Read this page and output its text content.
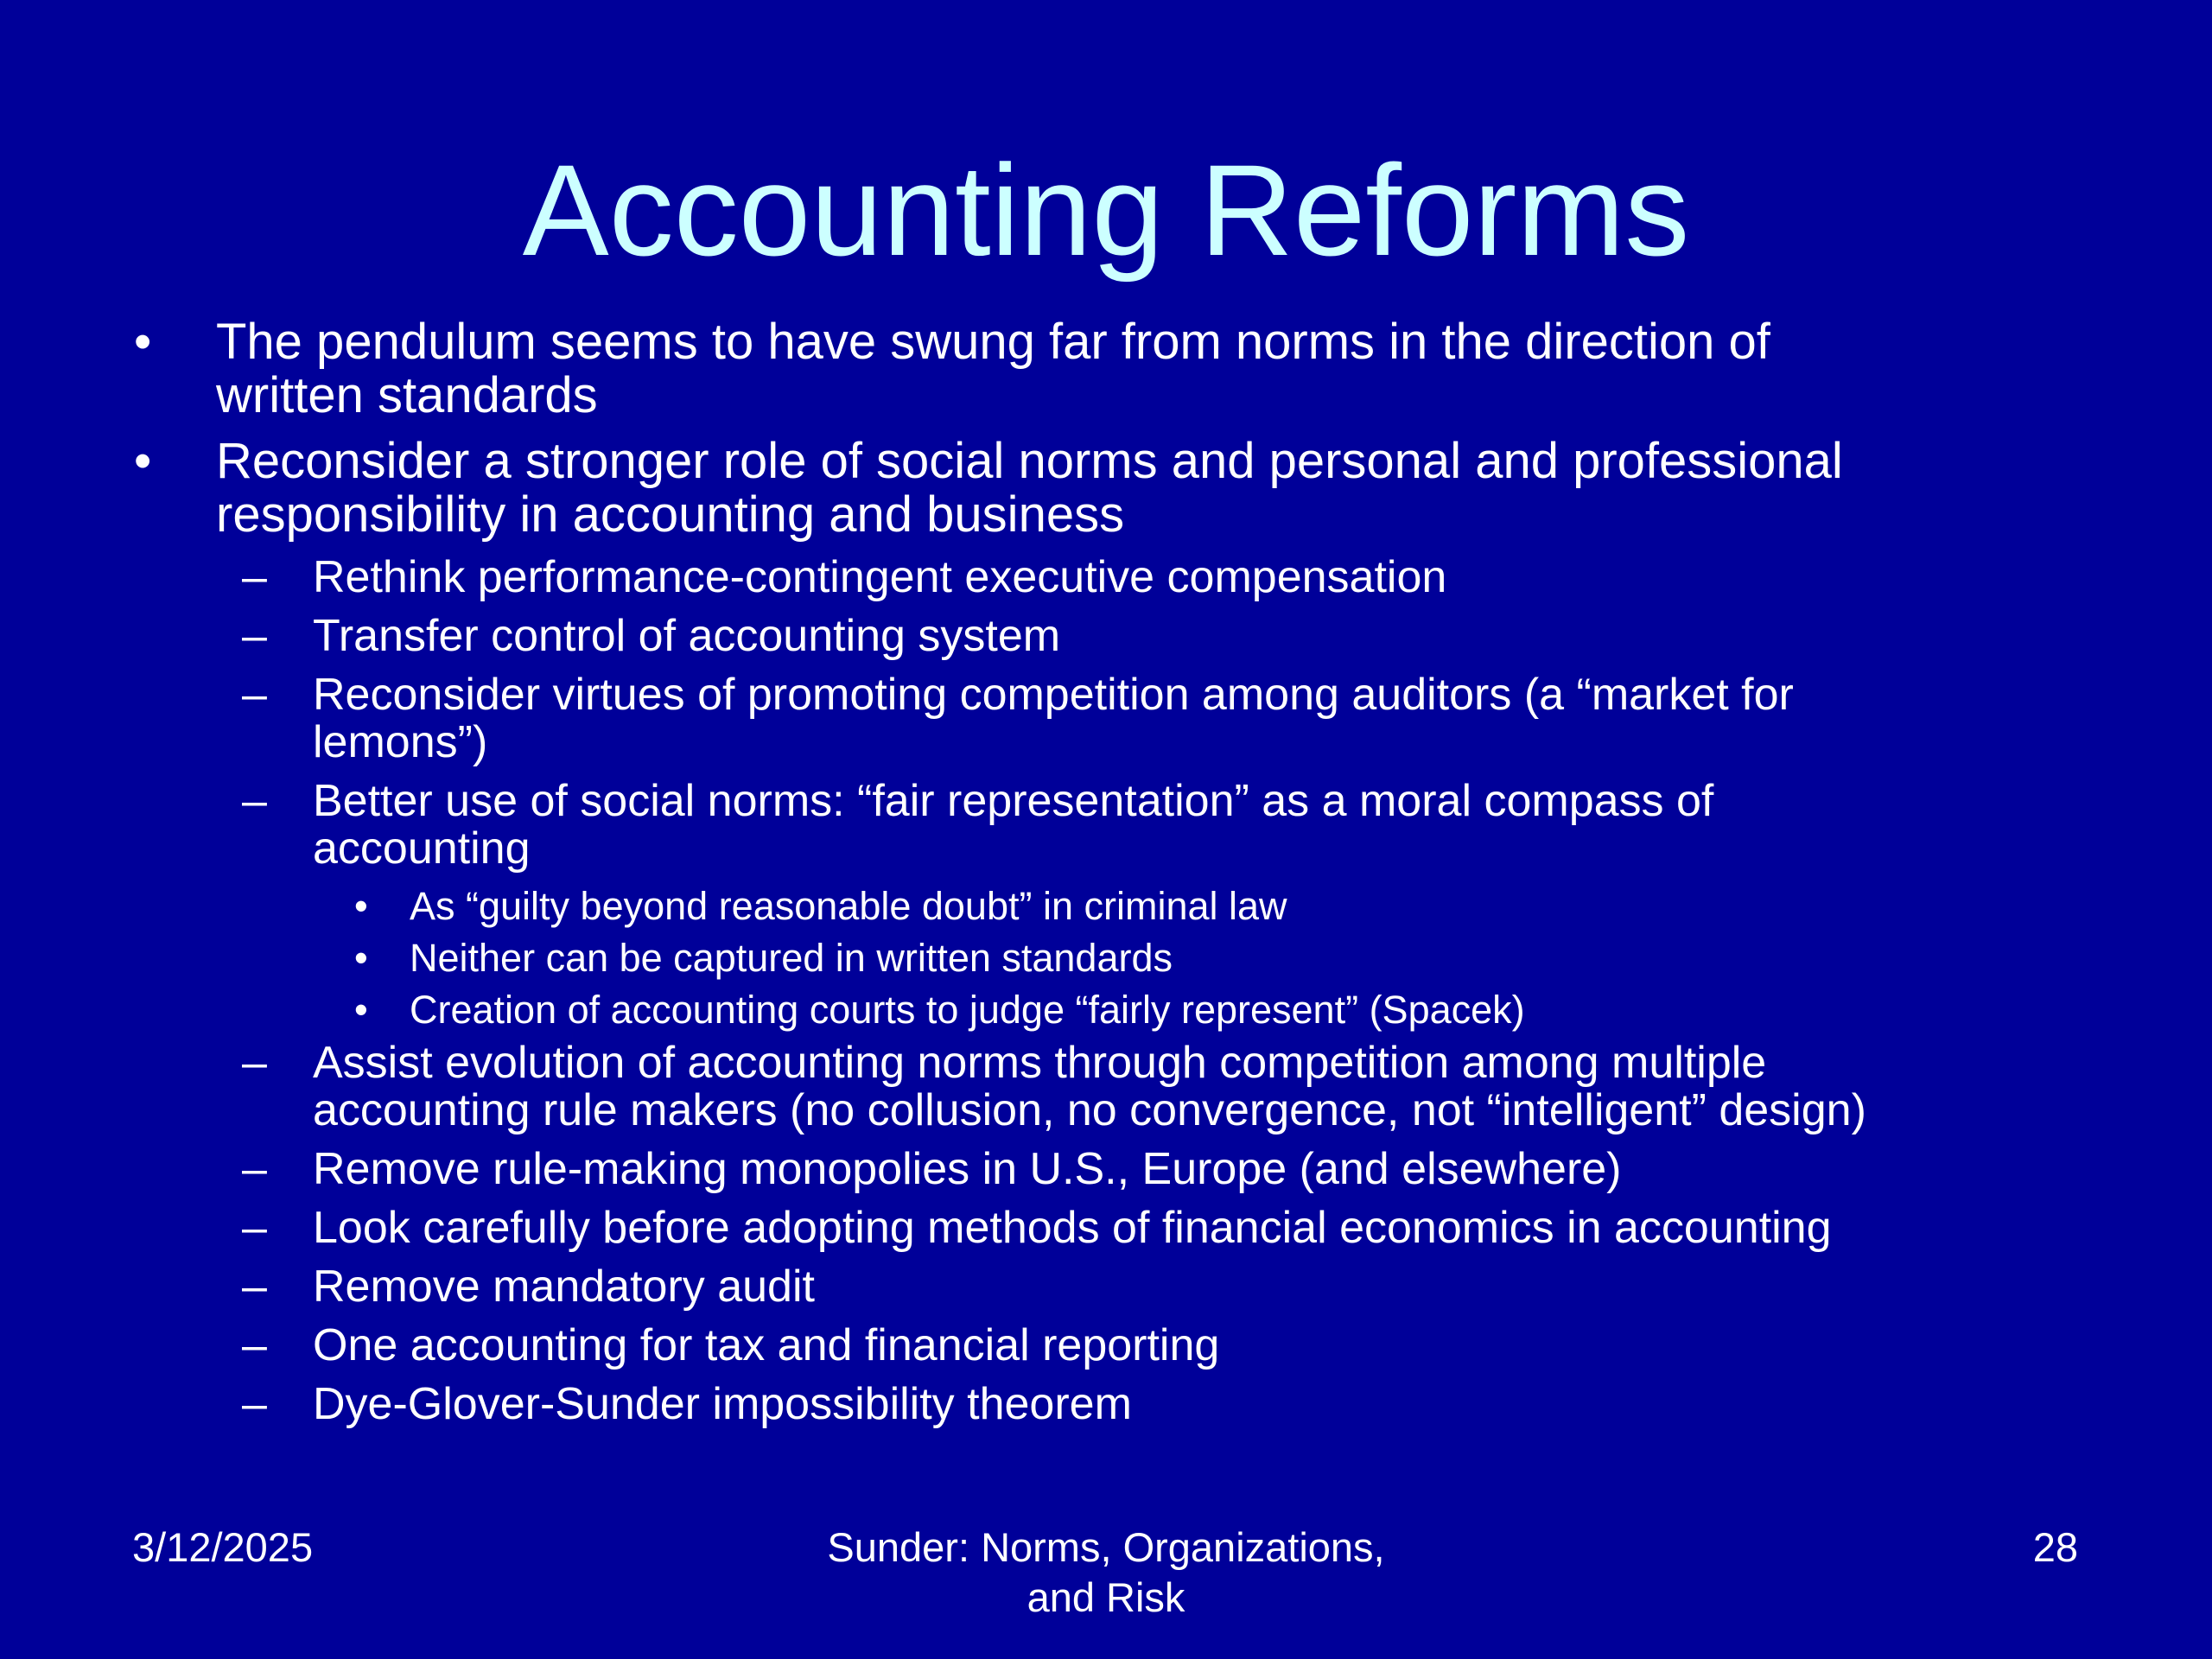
Accounting Reforms
• The pendulum seems to have swung far from norms in the direction of
written standards
• Reconsider a stronger role of social norms and personal and professional
responsibility in accounting and business
– Rethink performance-contingent executive compensation
– Transfer control of accounting system
– Reconsider virtues of promoting competition among auditors (a “market for
lemons”)
– Better use of social norms: “fair representation” as a moral compass of
accounting
• As “guilty beyond reasonable doubt” in criminal law
• Neither can be captured in written standards
• Creation of accounting courts to judge “fairly represent” (Spacek)
– Assist evolution of accounting norms through competition among multiple
accounting rule makers (no collusion, no convergence, not “intelligent” design)
– Remove rule-making monopolies in U.S., Europe (and elsewhere)
– Look carefully before adopting methods of financial economics in accounting
– Remove mandatory audit
– One accounting for tax and financial reporting
– Dye-Glover-Sunder impossibility theorem
3/12/2025	Sunder: Norms, Organizations,
and Risk
28
